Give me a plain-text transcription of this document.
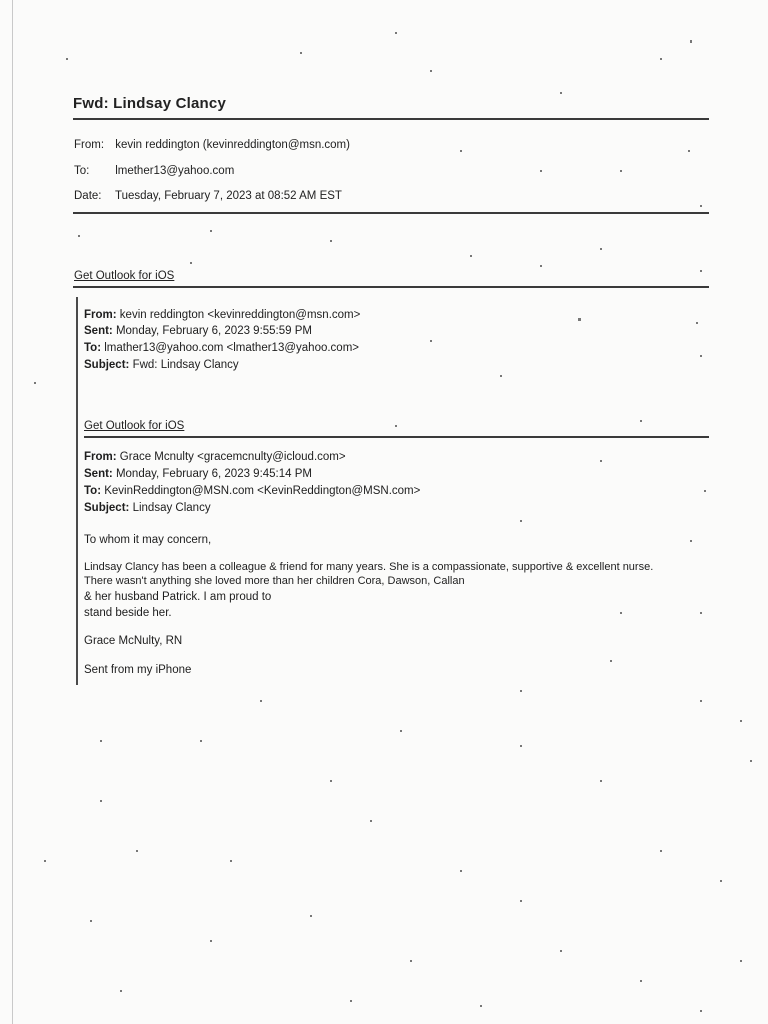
Fwd: Lindsay Clancy
From: kevin reddington (kevinreddington@msn.com)
To: lmether13@yahoo.com
Date: Tuesday, February 7, 2023 at 08:52 AM EST
Get Outlook for iOS
From: kevin reddington <kevinreddington@msn.com>
Sent: Monday, February 6, 2023 9:55:59 PM
To: lmather13@yahoo.com <lmather13@yahoo.com>
Subject: Fwd: Lindsay Clancy
Get Outlook for iOS
From: Grace Mcnulty <gracemcnulty@icloud.com>
Sent: Monday, February 6, 2023 9:45:14 PM
To: KevinReddington@MSN.com <KevinReddington@MSN.com>
Subject: Lindsay Clancy
To whom it may concern,
Lindsay Clancy has been a colleague & friend for many years. She is a compassionate, supportive & excellent nurse.
There wasn't anything she loved more than her children Cora, Dawson, Callan
& her husband Patrick. I am proud to
stand beside her.
Grace McNulty, RN
Sent from my iPhone
